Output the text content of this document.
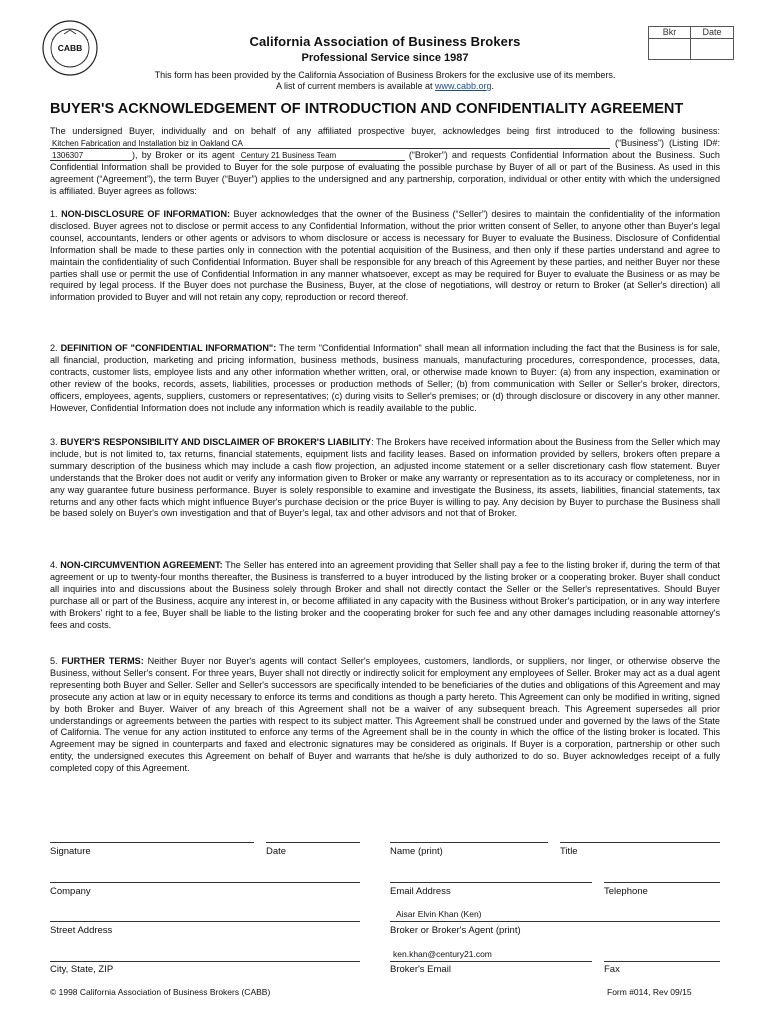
CABB	California Association of Business Brokers
Professional Service since 1987
This form has been provided by the California Association of Business Brokers for the exclusive use of its members.
A list of current members is available at www.cabb.org.
Bkr	Date
BUYER'S ACKNOWLEDGEMENT OF INTRODUCTION AND CONFIDENTIALITY AGREEMENT
The undersigned Buyer, individually and on behalf of any affiliated prospective buyer, acknowledges being first introduced to the following business: Kitchen Fabrication and Installation biz in Oakland CA	(“Business”) (Listing ID#: 1306307	), by Broker or its agent Century 21 Business Team	(“Broker”) and requests Confidential Information about the Business. Such Confidential Information shall be provided to Buyer for the sole purpose of evaluating the possible purchase by Buyer of all or part of the Business. As used in this agreement (“Agreement”), the term Buyer (“Buyer”) applies to the undersigned and any partnership, corporation, individual or other entity with which the undersigned is affiliated. Buyer agrees as follows:
1. NON-DISCLOSURE OF INFORMATION: Buyer acknowledges that the owner of the Business (“Seller”) desires to maintain the confidentiality of the information disclosed. Buyer agrees not to disclose or permit access to any Confidential Information, without the prior written consent of Seller, to anyone other than Buyer's legal counsel, accountants, lenders or other agents or advisors to whom disclosure or access is necessary for Buyer to evaluate the Business. Disclosure of Confidential Information shall be made to these parties only in connection with the potential acquisition of the Business, and then only if these parties understand and agree to maintain the confidentiality of such Confidential Information. Buyer shall be responsible for any breach of this Agreement by these parties, and neither Buyer nor these parties shall use or permit the use of Confidential Information in any manner whatsoever, except as may be required for Buyer to evaluate the Business or as may be required by legal process. If the Buyer does not purchase the Business, Buyer, at the close of negotiations, will destroy or return to Broker (at Seller's direction) all information provided to Buyer and will not retain any copy, reproduction or record thereof.
2. DEFINITION OF "CONFIDENTIAL INFORMATION": The term "Confidential Information" shall mean all information including the fact that the Business is for sale, all financial, production, marketing and pricing information, business methods, business manuals, manufacturing procedures, correspondence, processes, data, contracts, customer lists, employee lists and any other information whether written, oral, or otherwise made known to Buyer: (a) from any inspection, examination or other review of the books, records, assets, liabilities, processes or production methods of Seller; (b) from communication with Seller or Seller's broker, directors, officers, employees, agents, suppliers, customers or representatives; (c) during visits to Seller's premises; or (d) through disclosure or discovery in any other manner. However, Confidential Information does not include any information which is readily available to the public.
3. BUYER'S RESPONSIBILITY AND DISCLAIMER OF BROKER'S LIABILITY: The Brokers have received information about the Business from the Seller which may include, but is not limited to, tax returns, financial statements, equipment lists and facility leases. Based on information provided by sellers, brokers often prepare a summary description of the business which may include a cash flow projection, an adjusted income statement or a seller discretionary cash flow statement. Buyer understands that the Broker does not audit or verify any information given to Broker or make any warranty or representation as to its accuracy or completeness, nor in any way guarantee future business performance. Buyer is solely responsible to examine and investigate the Business, its assets, liabilities, financial statements, tax returns and any other facts which might influence Buyer's purchase decision or the price Buyer is willing to pay. Any decision by Buyer to purchase the Business shall be based solely on Buyer's own investigation and that of Buyer's legal, tax and other advisors and not that of Broker.
4. NON-CIRCUMVENTION AGREEMENT: The Seller has entered into an agreement providing that Seller shall pay a fee to the listing broker if, during the term of that agreement or up to twenty-four months thereafter, the Business is transferred to a buyer introduced by the listing broker or a cooperating broker. Buyer shall conduct all inquiries into and discussions about the Business solely through Broker and shall not directly contact the Seller or the Seller's representatives. Should Buyer purchase all or part of the Business, acquire any interest in, or become affiliated in any capacity with the Business without Broker's participation, or in any way interfere with Brokers' right to a fee, Buyer shall be liable to the listing broker and the cooperating broker for such fee and any other damages including reasonable attorney's fees and costs.
5. FURTHER TERMS: Neither Buyer nor Buyer's agents will contact Seller's employees, customers, landlords, or suppliers, nor linger, or otherwise observe the Business, without Seller's consent. For three years, Buyer shall not directly or indirectly solicit for employment any employees of Seller. Broker may act as a dual agent representing both Buyer and Seller. Seller and Seller's successors are specifically intended to be beneficiaries of the duties and obligations of this Agreement and may prosecute any action at law or in equity necessary to enforce its terms and conditions as though a party hereto. This Agreement can only be modified in writing, signed by both Broker and Buyer. Waiver of any breach of this Agreement shall not be a waiver of any subsequent breach. This Agreement supersedes all prior understandings or agreements between the parties with respect to its subject matter. This Agreement shall be construed under and governed by the laws of the State of California. The venue for any action instituted to enforce any terms of the Agreement shall be in the county in which the office of the listing broker is located. This Agreement may be signed in counterparts and faxed and electronic signatures may be considered as originals. If Buyer is a corporation, partnership or other such entity, the undersigned executes this Agreement on behalf of Buyer and warrants that he/she is duly authorized to do so. Buyer acknowledges receipt of a fully completed copy of this Agreement.
Signature	Date	Name (print)	Title
Company	Email Address	Telephone
Aisar Elvin Khan (Ken)
Street Address	Broker or Broker's Agent (print)
ken.khan@century21.com
City, State, ZIP	Broker's Email	Fax
© 1998 California Association of Business Brokers (CABB)	Form #014, Rev 09/15
